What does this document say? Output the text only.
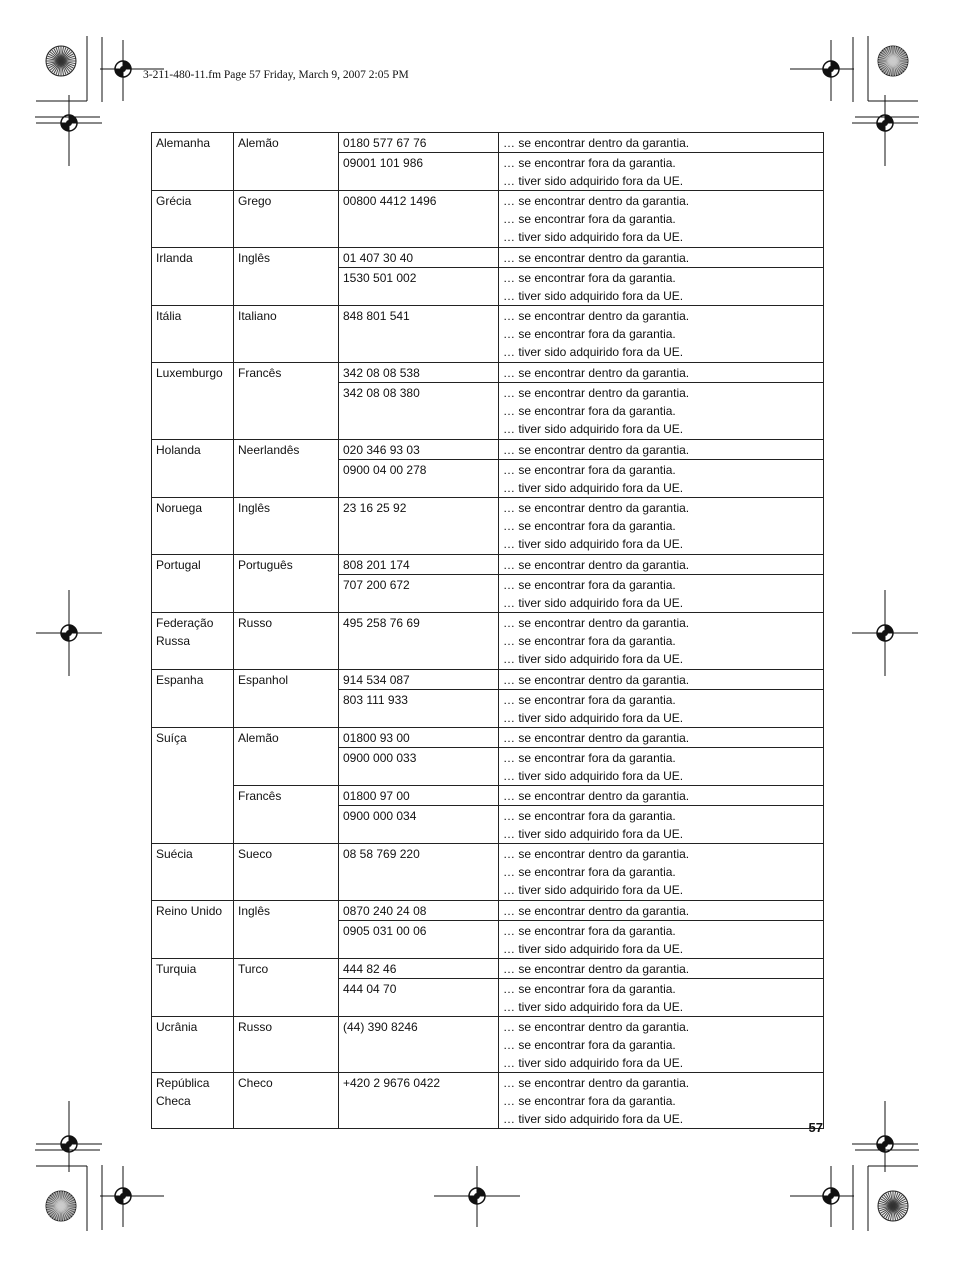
3-211-480-11.fm Page 57 Friday, March 9, 2007 2:05 PM
Alemanha	Alemão	0180 577 67 76	… se encontrar dentro da garantia.

		09001 101 986	… se encontrar fora da garantia.
… tiver sido adquirido fora da UE.

Grécia	Grego	00800 4412 1496	… se encontrar dentro da garantia.
… se encontrar fora da garantia.
… tiver sido adquirido fora da UE.

Irlanda	Inglês	01 407 30 40	… se encontrar dentro da garantia.

		1530 501 002	… se encontrar fora da garantia.
… tiver sido adquirido fora da UE.

Itália	Italiano	848 801 541	… se encontrar dentro da garantia.
… se encontrar fora da garantia.
… tiver sido adquirido fora da UE.

Luxemburgo	Francês	342 08 08 538	… se encontrar dentro da garantia.

		342 08 08 380	… se encontrar dentro da garantia.
… se encontrar fora da garantia.
… tiver sido adquirido fora da UE.

Holanda	Neerlandês	020 346 93 03	… se encontrar dentro da garantia.

		0900 04 00 278	… se encontrar fora da garantia.
… tiver sido adquirido fora da UE.

Noruega	Inglês	23 16 25 92	… se encontrar dentro da garantia.
… se encontrar fora da garantia.
… tiver sido adquirido fora da UE.

Portugal	Português	808 201 174	… se encontrar dentro da garantia.

		707 200 672	… se encontrar fora da garantia.
… tiver sido adquirido fora da UE.

Federação
Russa	Russo	495 258 76 69	… se encontrar dentro da garantia.
… se encontrar fora da garantia.
… tiver sido adquirido fora da UE.

Espanha	Espanhol	914 534 087	… se encontrar dentro da garantia.

		803 111 933	… se encontrar fora da garantia.
… tiver sido adquirido fora da UE.

Suíça	Alemão	01800 93 00	… se encontrar dentro da garantia.

		0900 000 033	… se encontrar fora da garantia.
… tiver sido adquirido fora da UE.

	Francês	01800 97 00	… se encontrar dentro da garantia.

		0900 000 034	… se encontrar fora da garantia.
… tiver sido adquirido fora da UE.

Suécia	Sueco	08 58 769 220	… se encontrar dentro da garantia.
… se encontrar fora da garantia.
… tiver sido adquirido fora da UE.

Reino Unido	Inglês	0870 240 24 08	… se encontrar dentro da garantia.

		0905 031 00 06	… se encontrar fora da garantia.
… tiver sido adquirido fora da UE.

Turquia	Turco	444 82 46	… se encontrar dentro da garantia.

		444 04 70	… se encontrar fora da garantia.
… tiver sido adquirido fora da UE.

Ucrânia	Russo	(44) 390 8246	… se encontrar dentro da garantia.
… se encontrar fora da garantia.
… tiver sido adquirido fora da UE.

República
Checa	Checo	+420 2 9676 0422	… se encontrar dentro da garantia.
… se encontrar fora da garantia.
… tiver sido adquirido fora da UE.
57
